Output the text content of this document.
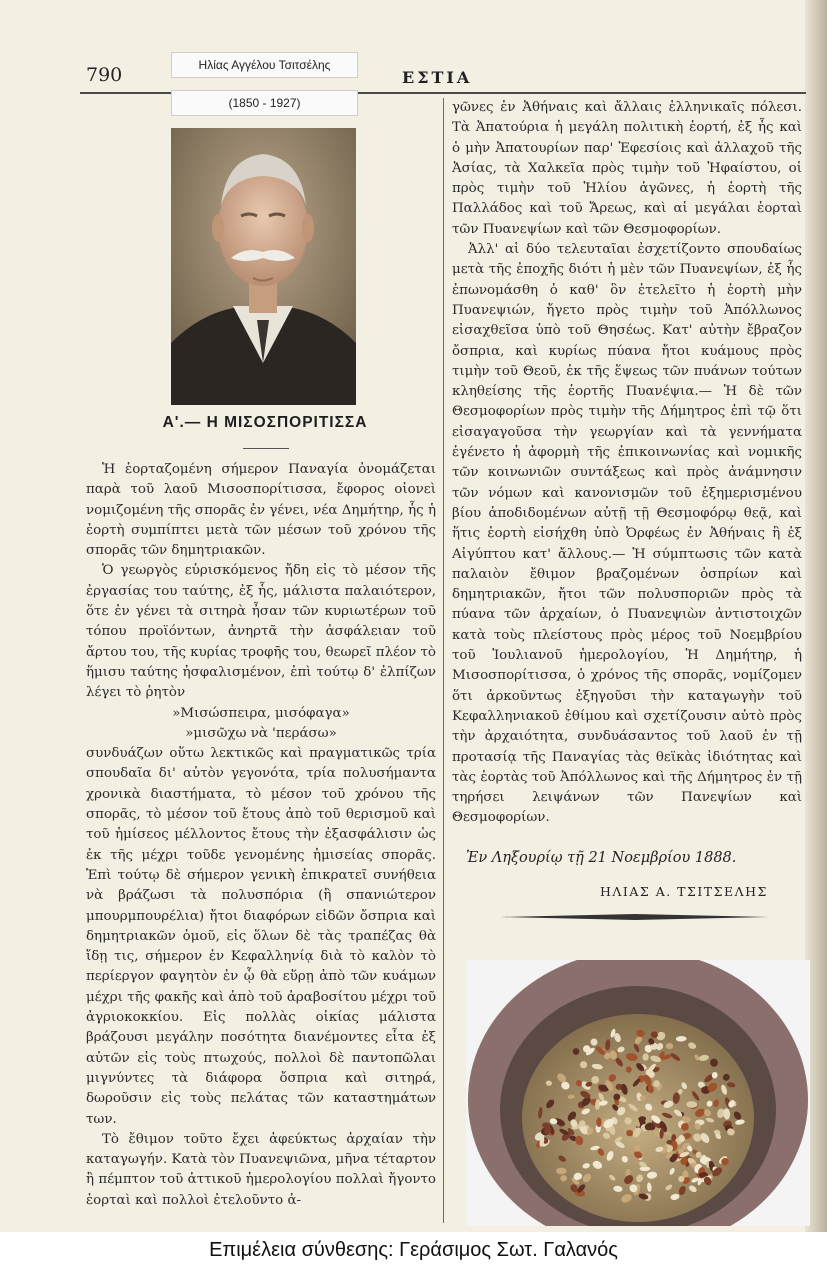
790	ΕΣΤΙΑ
Ηλίας Αγγέλου Τσιτσέλης
(1850 - 1927)
Α'.— Η ΜΙΣΟΣΠΟΡΙΤΙΣΣΑ

Ἡ ἑορταζομένη σήμερον Παναγία ὀνομάζεται παρὰ τοῦ λαοῦ Μισοσπορίτισσα, ἔφορος οἱονεὶ νομιζομένη τῆς σπορᾶς ἐν γένει, νέα Δημήτηρ, ἧς ἡ ἑορτὴ συμπίπτει μετὰ τῶν μέσων τοῦ χρόνου τῆς σπορᾶς τῶν δημητριακῶν.

Ὁ γεωργὸς εὑρισκόμενος ἤδη εἰς τὸ μέσον τῆς ἐργασίας του ταύτης, ἐξ ἧς, μάλιστα παλαιότερον, ὅτε ἐν γένει τὰ σιτηρὰ ἦσαν τῶν κυριωτέρων τοῦ τόπου προϊόντων, ἀνηρτᾶ τὴν ἀσφάλειαν τοῦ ἄρτου του, τῆς κυρίας τροφῆς του, θεωρεῖ πλέον τὸ ἥμισυ ταύτης ἠσφαλισμένον, ἐπὶ τούτῳ δ' ἐλπίζων λέγει τὸ ῥητὸν

»Μισώσπειρα, μισόφαγα»

»μισῶχω νὰ 'περάσω»

συνδυάζων οὕτω λεκτικῶς καὶ πραγματικῶς τρία σπουδαῖα δι' αὐτὸν γεγονότα, τρία πολυσήμαντα χρονικὰ διαστήματα, τὸ μέσον τοῦ χρόνου τῆς σπορᾶς, τὸ μέσον τοῦ ἔτους ἀπὸ τοῦ θερισμοῦ καὶ τοῦ ἡμίσεος μέλλοντος ἔτους τὴν ἐξασφάλισιν ὡς ἐκ τῆς μέχρι τοῦδε γενομένης ἡμισείας σπορᾶς. Ἐπὶ τούτῳ δὲ σήμερον γενικὴ ἐπικρατεῖ συνήθεια νὰ βράζωσι τὰ πολυσπόρια (ἢ σπανιώτερον μπουρμπουρέλια) ἤτοι διαφόρων εἰδῶν ὄσπρια καὶ δημητριακῶν ὁμοῦ, εἰς ὅλων δὲ τὰς τραπέζας θὰ ἴδῃ τις, σήμερον ἐν Κεφαλληνίᾳ διὰ τὸ καλὸν τὸ περίεργον φαγητὸν ἐν ᾧ θὰ εὕρῃ ἀπὸ τῶν κυάμων μέχρι τῆς φακῆς καὶ ἀπὸ τοῦ ἀραβοσίτου μέχρι τοῦ ἀγριοκοκκίου. Εἰς πολλὰς οἰκίας μάλιστα βράζουσι μεγάλην ποσότητα διανέμοντες εἶτα ἐξ αὐτῶν εἰς τοὺς πτωχούς, πολλοὶ δὲ παντοπῶλαι μιγνύντες τὰ διάφορα ὄσπρια καὶ σιτηρά, δωροῦσιν εἰς τοὺς πελάτας τῶν καταστημάτων των.

Τὸ ἔθιμον τοῦτο ἔχει ἀφεύκτως ἀρχαίαν τὴν καταγωγήν. Κατὰ τὸν Πυανεψιῶνα, μῆνα τέταρτον ἢ πέμπτον τοῦ ἀττικοῦ ἡμερολογίου πολλαὶ ἤγοντο ἑορταὶ καὶ πολλοὶ ἐτελοῦντο ἀ-

γῶνες ἐν Ἀθήναις καὶ ἄλλαις ἑλληνικαῖς πόλεσι. Τὰ Ἀπατούρια ἡ μεγάλη πολιτικὴ ἑορτή, ἐξ ἧς καὶ ὁ μὴν Ἀπατουρίων παρ' Ἐφεσίοις καὶ ἀλλαχοῦ τῆς Ἀσίας, τὰ Χαλκεῖα πρὸς τιμὴν τοῦ Ἡφαίστου, οἱ πρὸς τιμὴν τοῦ Ἡλίου ἀγῶνες, ἡ ἑορτὴ τῆς Παλλάδος καὶ τοῦ Ἄρεως, καὶ αἱ μεγάλαι ἑορταὶ τῶν Πυανεψίων καὶ τῶν Θεσμοφορίων.

Ἀλλ' αἱ δύο τελευταῖαι ἐσχετίζοντο σπουδαίως μετὰ τῆς ἐποχῆς διότι ἡ μὲν τῶν Πυανεψίων, ἐξ ἧς ἐπωνομάσθη ὁ καθ' ὃν ἐτελεῖτο ἡ ἑορτὴ μὴν Πυανεψιών, ἤγετο πρὸς τιμὴν τοῦ Ἀπόλλωνος εἰσαχθεῖσα ὑπὸ τοῦ Θησέως. Κατ' αὐτὴν ἔβραζον ὄσπρια, καὶ κυρίως πύανα ἤτοι κυάμους πρὸς τιμὴν τοῦ Θεοῦ, ἐκ τῆς ἕψεως τῶν πυάνων τούτων κληθείσης τῆς ἑορτῆς Πυανέψια.— Ἡ δὲ τῶν Θεσμοφορίων πρὸς τιμὴν τῆς Δήμητρος ἐπὶ τῷ ὅτι εἰσαγαγοῦσα τὴν γεωργίαν καὶ τὰ γεννήματα ἐγένετο ἡ ἀφορμὴ τῆς ἐπικοινωνίας καὶ νομικῆς τῶν κοινωνιῶν συντάξεως καὶ πρὸς ἀνάμνησιν τῶν νόμων καὶ κανονισμῶν τοῦ ἐξημερισμένου βίου ἀποδιδομένων αὐτῇ τῇ Θεσμοφόρῳ θεᾷ, καὶ ἥτις ἑορτὴ εἰσήχθη ὑπὸ Ὀρφέως ἐν Ἀθήναις ἢ ἐξ Αἰγύπτου κατ' ἄλλους.— Ἡ σύμπτωσις τῶν κατὰ παλαιὸν ἔθιμον βραζομένων ὀσπρίων καὶ δημητριακῶν, ἤτοι τῶν πολυσποριῶν πρὸς τὰ πύανα τῶν ἀρχαίων, ὁ Πυανεψιὼν ἀντιστοιχῶν κατὰ τοὺς πλείστους πρὸς μέρος τοῦ Νοεμβρίου τοῦ Ἰουλιανοῦ ἡμερολογίου, Ἡ Δημήτηρ, ἡ Μισοσπορίτισσα, ὁ χρόνος τῆς σπορᾶς, νομίζομεν ὅτι ἀρκοῦντως ἐξηγοῦσι τὴν καταγωγὴν τοῦ Κεφαλληνιακοῦ ἐθίμου καὶ σχετίζουσιν αὐτὸ πρὸς τὴν ἀρχαιότητα, συνδυάσαντος τοῦ λαοῦ ἐν τῇ προτασίᾳ τῆς Παναγίας τὰς θεϊκὰς ἰδιότητας καὶ τὰς ἑορτὰς τοῦ Ἀπόλλωνος καὶ τῆς Δήμητρος ἐν τῇ τηρήσει λειψάνων τῶν Πανεψίων καὶ Θεσμοφορίων.

Ἐν Ληξουρίῳ τῇ 21 Νοεμβρίου 1888.
ΗΛΙΑΣ Α. ΤΣΙΤΣΕΛΗΣ
Επιμέλεια σύνθεσης: Γεράσιμος Σωτ. Γαλανός
